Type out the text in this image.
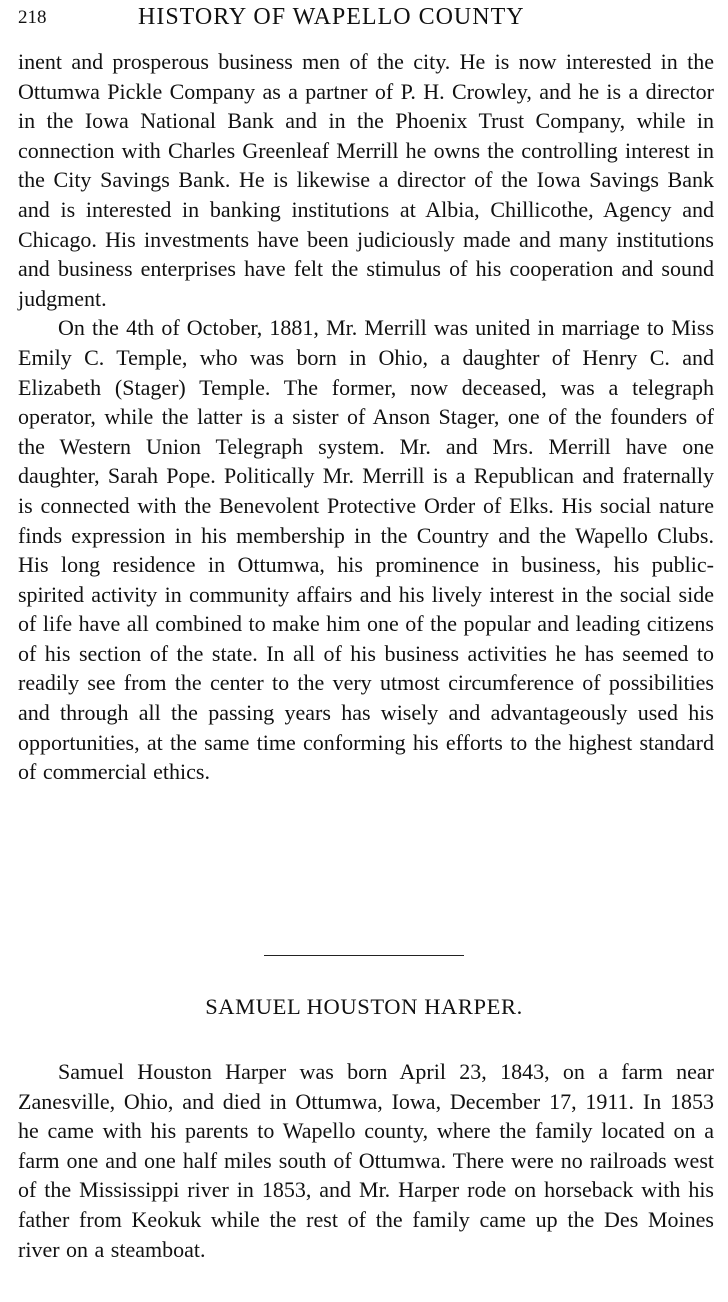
218	HISTORY OF WAPELLO COUNTY

inent and prosperous business men of the city. He is now interested in the Ottumwa Pickle Company as a partner of P. H. Crowley, and he is a director in the Iowa National Bank and in the Phoenix Trust Company, while in connection with Charles Greenleaf Merrill he owns the controlling interest in the City Savings Bank. He is likewise a director of the Iowa Savings Bank and is interested in banking institutions at Albia, Chillicothe, Agency and Chicago. His investments have been judiciously made and many institutions and business enterprises have felt the stimulus of his cooperation and sound judgment.

On the 4th of October, 1881, Mr. Merrill was united in marriage to Miss Emily C. Temple, who was born in Ohio, a daughter of Henry C. and Elizabeth (Stager) Temple. The former, now deceased, was a telegraph operator, while the latter is a sister of Anson Stager, one of the founders of the Western Union Telegraph system. Mr. and Mrs. Merrill have one daughter, Sarah Pope. Politically Mr. Merrill is a Republican and fraternally is connected with the Benevolent Protective Order of Elks. His social nature finds expression in his membership in the Country and the Wapello Clubs. His long residence in Ottumwa, his prominence in business, his public-spirited activity in community affairs and his lively interest in the social side of life have all combined to make him one of the popular and leading citizens of his section of the state. In all of his business activities he has seemed to readily see from the center to the very utmost circumference of possibilities and through all the passing years has wisely and advantageously used his opportunities, at the same time conforming his efforts to the highest standard of commercial ethics.

SAMUEL HOUSTON HARPER.

Samuel Houston Harper was born April 23, 1843, on a farm near Zanesville, Ohio, and died in Ottumwa, Iowa, December 17, 1911. In 1853 he came with his parents to Wapello county, where the family located on a farm one and one half miles south of Ottumwa. There were no railroads west of the Mississippi river in 1853, and Mr. Harper rode on horseback with his father from Keokuk while the rest of the family came up the Des Moines river on a steamboat.
